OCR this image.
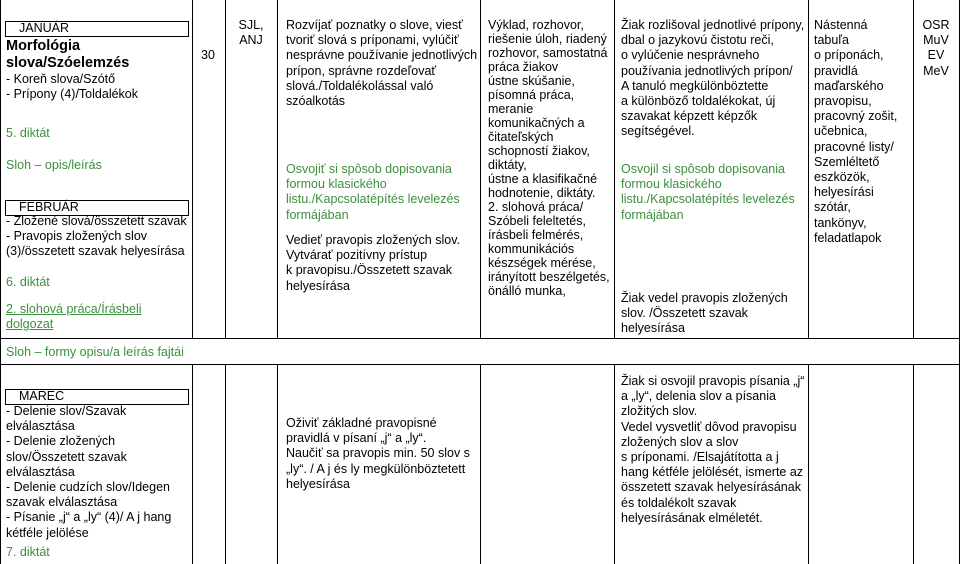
JANUÁR
Morfológia
slova/Szóelemzés
- Koreň slova/Szótő
- Prípony (4)/Toldalékok
5. diktát
Sloh – opis/leírás
FEBRUÁR
- Zložené slová/összetett szavak
- Pravopis zložených slov
(3)/összetett szavak helyesírása
6. diktát
2. slohová práca/Írásbeli
dolgozat
30
SJL,
ANJ
Rozvíjať poznatky o slove, viesť
tvoriť slová s príponami, vylúčiť
nesprávne používanie jednotlivých
prípon, správne rozdeľovať
slová./Toldalékolással való
szóalkotás
Osvojiť si spôsob dopisovania
formou klasického
listu./Kapcsolatépítés levelezés
formájában
Vedieť pravopis zložených slov.
Vytvárať pozitívny prístup
k pravopisu./Összetett szavak
helyesírása
Výklad, rozhovor,
riešenie úloh, riadený
rozhovor, samostatná
práca žiakov
ústne skúšanie,
písomná práca,
meranie
komunikačných a
čitateľských
schopností žiakov,
diktáty,
ústne a klasifikačné
hodnotenie, diktáty.
2. slohová práca/
Szóbeli feleltetés,
írásbeli felmérés,
kommunikációs
készségek mérése,
irányított beszélgetés,
önálló munka,
Žiak rozlišoval jednotlivé prípony,
dbal o jazykovú čistotu reči,
o vylúčenie nesprávneho
používania jednotlivých prípon/
A tanuló megkülönböztette
a különböző toldalékokat, új
szavakat képzett képzők
segítségével.
Osvojil si spôsob dopisovania
formou klasického
listu./Kapcsolatépítés levelezés
formájában
Žiak vedel pravopis zložených
slov. /Összetett szavak
helyesírása
Nástenná
tabuľa
o príponách,
pravidlá
maďarského
pravopisu,
pracovný zošit,
učebnica,
pracovné listy/
Szemléltető
eszközök,
helyesírási
szótár,
tankönyv,
feladatlapok
OSR
MuV
EV
MeV
Sloh – formy opisu/a leírás fajtái
MAREC
- Delenie slov/Szavak
elválasztása
- Delenie zložených
slov/Összetett szavak
elválasztása
- Delenie cudzích slov/Idegen
szavak elválasztása
- Písanie „j“ a „ly“ (4)/ A j hang
kétféle jelölése
7. diktát
Oživiť základné pravopisné
pravidlá v písaní „j“ a „ly“.
Naučiť sa pravopis min. 50 slov s
„ly“. / A j és ly megkülönböztetett
helyesírása
Žiak si osvojil pravopis písania „j“
a „ly“, delenia slov a písania
zložitých slov.
Vedel vysvetliť dôvod pravopisu
zložených slov a slov
s príponami. /Elsajátította a j
hang kétféle jelölését, ismerte az
összetett szavak helyesírásának
és toldalékolt szavak
helyesírásának elméletét.
